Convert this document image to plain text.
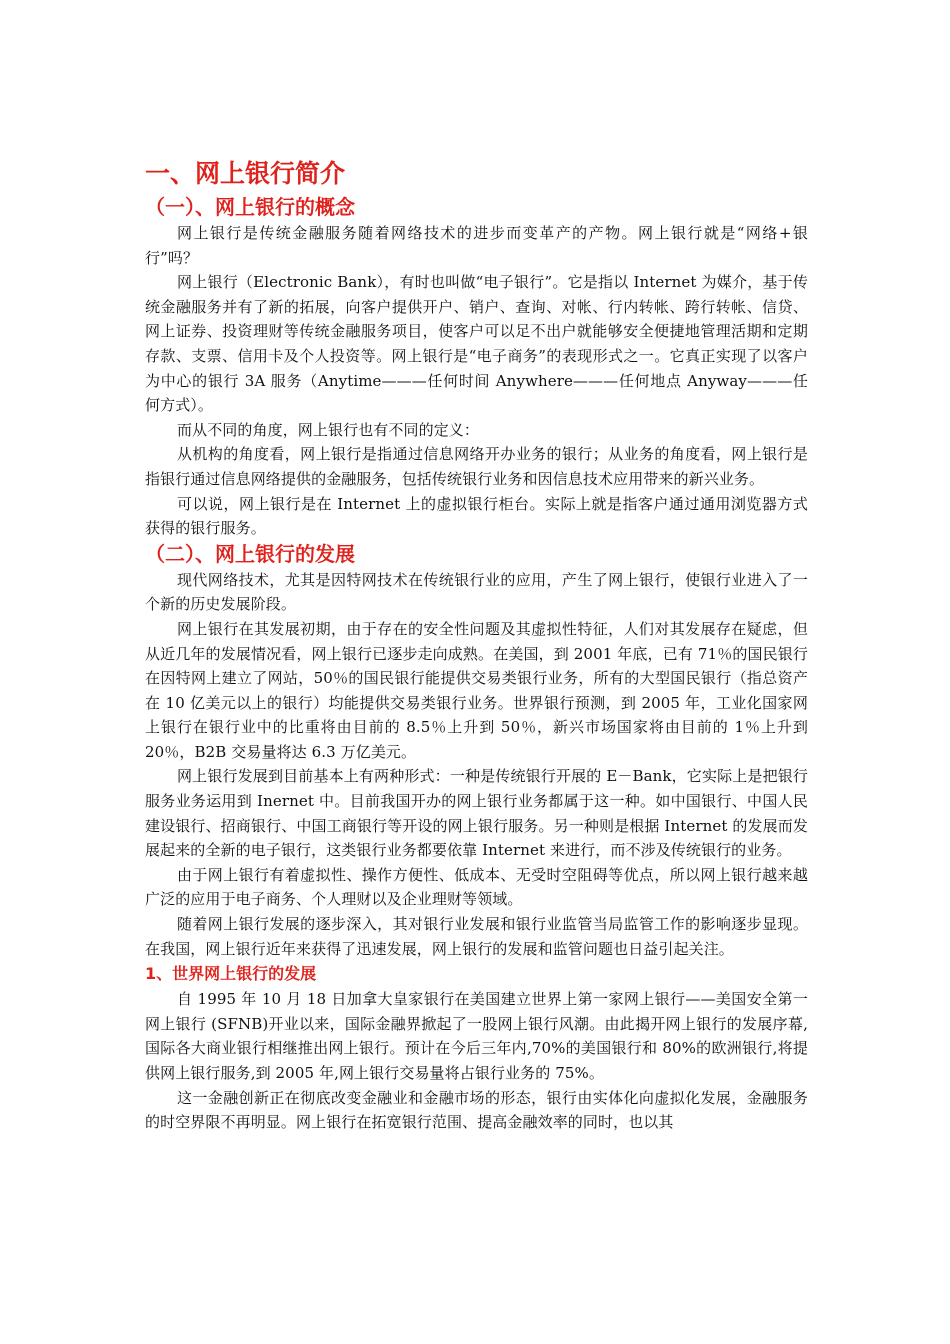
一、网上银行简介
（一）、网上银行的概念

网上银行是传统金融服务随着网络技术的进步而变革产的产物。网上银行就是“网络+银行”吗？

网上银行（Electronic Bank），有时也叫做“电子银行”。它是指以 Internet 为媒介，基于传统金融服务并有了新的拓展，向客户提供开户、销户、查询、对帐、行内转帐、跨行转帐、信贷、网上证券、投资理财等传统金融服务项目，使客户可以足不出户就能够安全便捷地管理活期和定期存款、支票、信用卡及个人投资等。网上银行是“电子商务”的表现形式之一。它真正实现了以客户为中心的银行 3A 服务（Anytime———任何时间 Anywhere———任何地点 Anyway———任何方式）。

而从不同的角度，网上银行也有不同的定义：

从机构的角度看，网上银行是指通过信息网络开办业务的银行；从业务的角度看，网上银行是指银行通过信息网络提供的金融服务，包括传统银行业务和因信息技术应用带来的新兴业务。

可以说，网上银行是在 Internet 上的虚拟银行柜台。实际上就是指客户通过通用浏览器方式获得的银行服务。

（二）、网上银行的发展

现代网络技术，尤其是因特网技术在传统银行业的应用，产生了网上银行，使银行业进入了一个新的历史发展阶段。

网上银行在其发展初期，由于存在的安全性问题及其虚拟性特征，人们对其发展存在疑虑，但从近几年的发展情况看，网上银行已逐步走向成熟。在美国，到 2001 年底，已有 71％的国民银行在因特网上建立了网站，50％的国民银行能提供交易类银行业务，所有的大型国民银行（指总资产在 10 亿美元以上的银行）均能提供交易类银行业务。世界银行预测，到 2005 年，工业化国家网上银行在银行业中的比重将由目前的 8.5％上升到 50％，新兴市场国家将由目前的 1％上升到 20％，B2B 交易量将达 6.3 万亿美元。

网上银行发展到目前基本上有两种形式：一种是传统银行开展的 E－Bank，它实际上是把银行服务业务运用到 Inernet 中。目前我国开办的网上银行业务都属于这一种。如中国银行、中国人民建设银行、招商银行、中国工商银行等开设的网上银行服务。另一种则是根据 Internet 的发展而发展起来的全新的电子银行，这类银行业务都要依靠 Internet 来进行，而不涉及传统银行的业务。

由于网上银行有着虚拟性、操作方便性、低成本、无受时空阻碍等优点，所以网上银行越来越广泛的应用于电子商务、个人理财以及企业理财等领域。

随着网上银行发展的逐步深入，其对银行业发展和银行业监管当局监管工作的影响逐步显现。在我国，网上银行近年来获得了迅速发展，网上银行的发展和监管问题也日益引起关注。

1、世界网上银行的发展

自 1995 年 10 月 18 日加拿大皇家银行在美国建立世界上第一家网上银行——美国安全第一网上银行 (SFNB)开业以来，国际金融界掀起了一股网上银行风潮。由此揭开网上银行的发展序幕,国际各大商业银行相继推出网上银行。预计在今后三年内,70%的美国银行和 80%的欧洲银行,将提供网上银行服务,到 2005 年,网上银行交易量将占银行业务的 75%。

这一金融创新正在彻底改变金融业和金融市场的形态，银行由实体化向虚拟化发展，金融服务的时空界限不再明显。网上银行在拓宽银行范围、提高金融效率的同时，也以其
